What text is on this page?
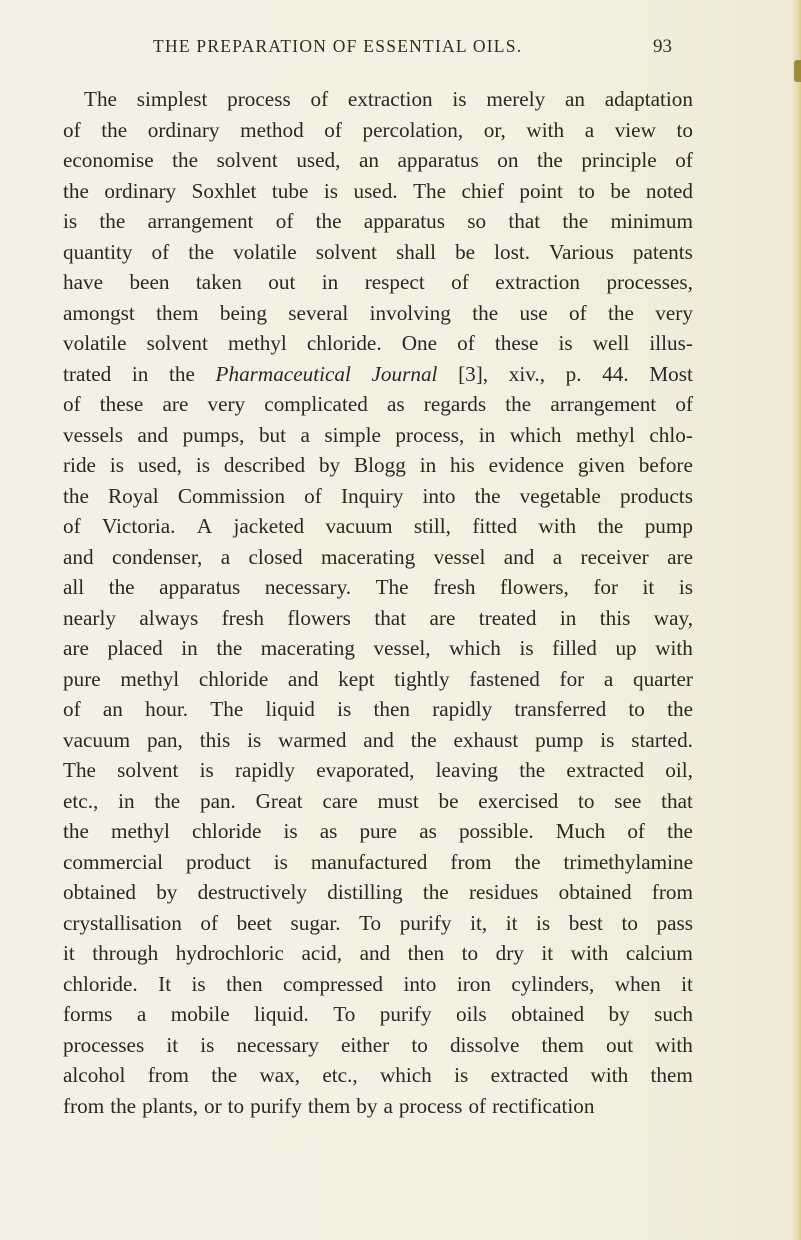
THE PREPARATION OF ESSENTIAL OILS.	93
The simplest process of extraction is merely an adaptation
of the ordinary method of percolation, or, with a view to
economise the solvent used, an apparatus on the principle of
the ordinary Soxhlet tube is used. The chief point to be noted
is the arrangement of the apparatus so that the minimum
quantity of the volatile solvent shall be lost. Various patents
have been taken out in respect of extraction processes,
amongst them being several involving the use of the very
volatile solvent methyl chloride. One of these is well illus-
trated in the Pharmaceutical Journal [3], xiv., p. 44. Most
of these are very complicated as regards the arrangement of
vessels and pumps, but a simple process, in which methyl chlo-
ride is used, is described by Blogg in his evidence given before
the Royal Commission of Inquiry into the vegetable products
of Victoria. A jacketed vacuum still, fitted with the pump
and condenser, a closed macerating vessel and a receiver are
all the apparatus necessary. The fresh flowers, for it is
nearly always fresh flowers that are treated in this way,
are placed in the macerating vessel, which is filled up with
pure methyl chloride and kept tightly fastened for a quarter
of an hour. The liquid is then rapidly transferred to the
vacuum pan, this is warmed and the exhaust pump is started.
The solvent is rapidly evaporated, leaving the extracted oil,
etc., in the pan. Great care must be exercised to see that
the methyl chloride is as pure as possible. Much of the
commercial product is manufactured from the trimethylamine
obtained by destructively distilling the residues obtained from
crystallisation of beet sugar. To purify it, it is best to pass
it through hydrochloric acid, and then to dry it with calcium
chloride. It is then compressed into iron cylinders, when it
forms a mobile liquid. To purify oils obtained by such
processes it is necessary either to dissolve them out with
alcohol from the wax, etc., which is extracted with them
from the plants, or to purify them by a process of rectification
